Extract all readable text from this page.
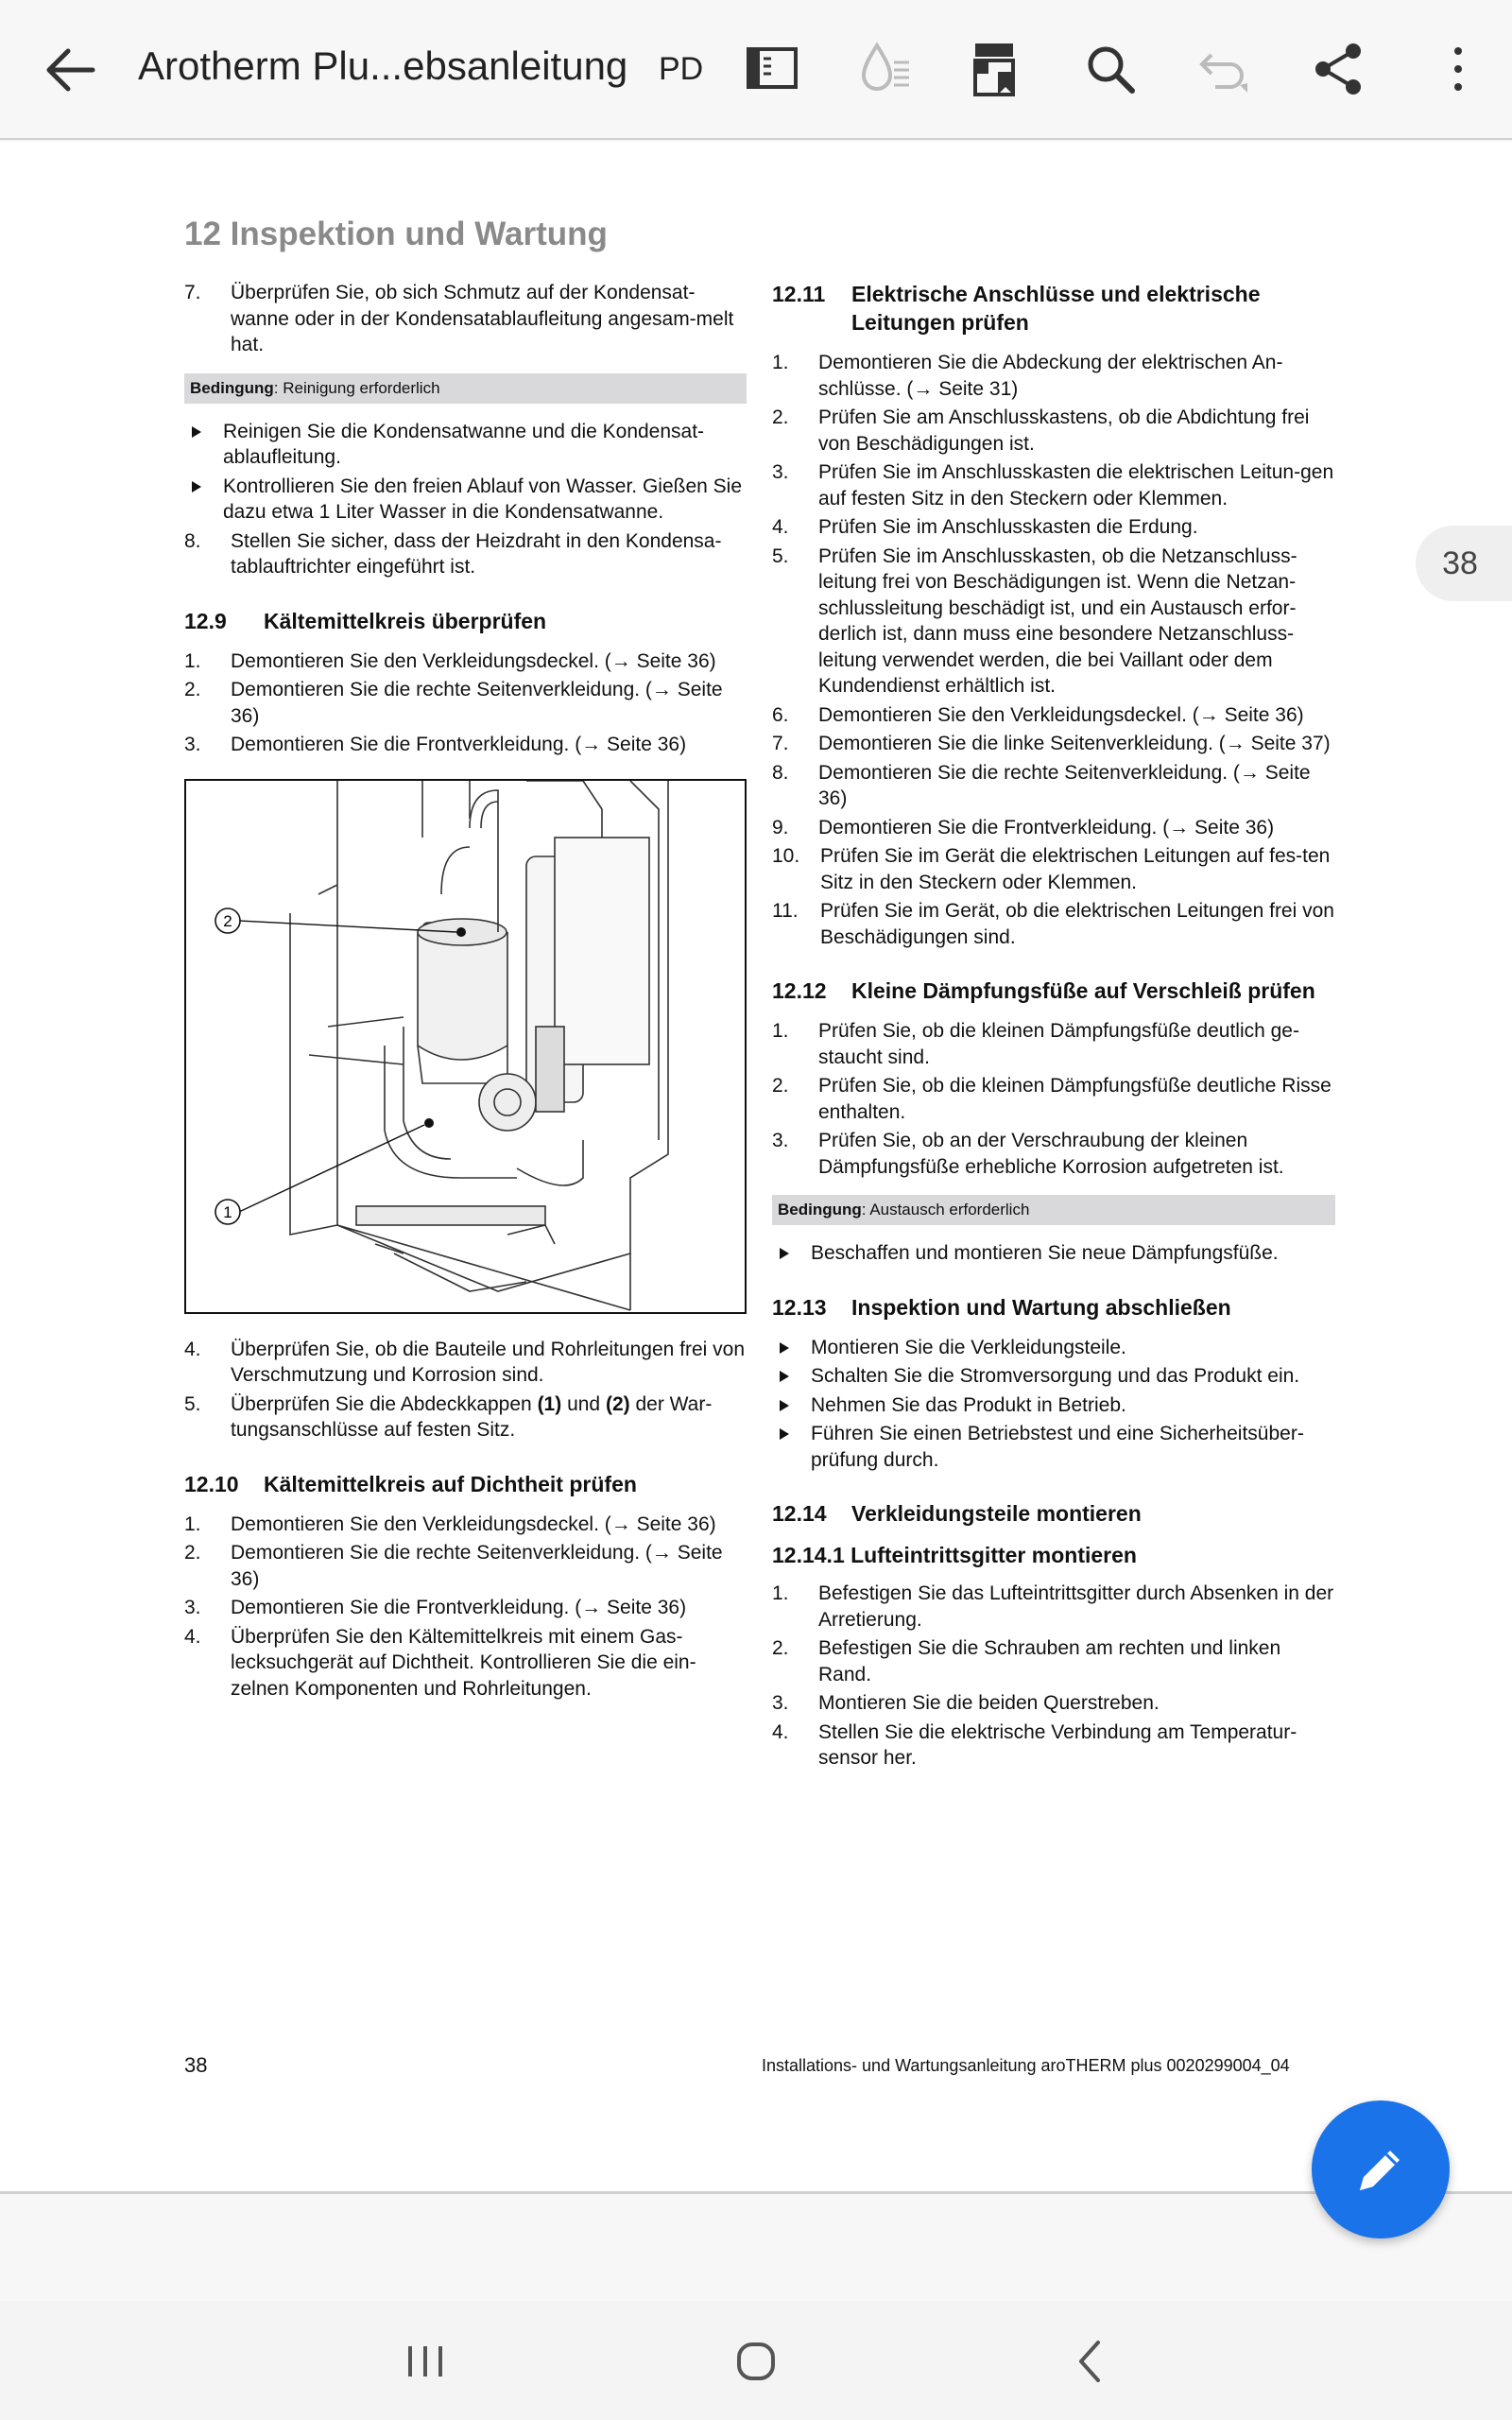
Arotherm Plu...ebsanleitung PD
12 Inspektion und Wartung
7. Überprüfen Sie, ob sich Schmutz auf der Kondensat-wanne oder in der Kondensatablaufleitung angesam-melt hat.
Bedingung: Reinigung erforderlich
Reinigen Sie die Kondensatwanne und die Kondensat-ablaufleitung.
Kontrollieren Sie den freien Ablauf von Wasser. Gießen Sie dazu etwa 1 Liter Wasser in die Kondensatwanne.
8. Stellen Sie sicher, dass der Heizdraht in den Kondensa-tablauftrichter eingeführt ist.
12.9 Kältemittelkreis überprüfen
1. Demontieren Sie den Verkleidungsdeckel. (→ Seite 36)
2. Demontieren Sie die rechte Seitenverkleidung. (→ Seite 36)
3. Demontieren Sie die Frontverkleidung. (→ Seite 36)
2
1
4. Überprüfen Sie, ob die Bauteile und Rohrleitungen frei von Verschmutzung und Korrosion sind.
5. Überprüfen Sie die Abdeckkappen (1) und (2) der War-tungsanschlüsse auf festen Sitz.
12.10 Kältemittelkreis auf Dichtheit prüfen
1. Demontieren Sie den Verkleidungsdeckel. (→ Seite 36)
2. Demontieren Sie die rechte Seitenverkleidung. (→ Seite 36)
3. Demontieren Sie die Frontverkleidung. (→ Seite 36)
4. Überprüfen Sie den Kältemittelkreis mit einem Gas-lecksuchgerät auf Dichtheit. Kontrollieren Sie die ein-zelnen Komponenten und Rohrleitungen.
12.11 Elektrische Anschlüsse und elektrische Leitungen prüfen
1. Demontieren Sie die Abdeckung der elektrischen An-schlüsse. (→ Seite 31)
2. Prüfen Sie am Anschlusskastens, ob die Abdichtung frei von Beschädigungen ist.
3. Prüfen Sie im Anschlusskasten die elektrischen Leitun-gen auf festen Sitz in den Steckern oder Klemmen.
4. Prüfen Sie im Anschlusskasten die Erdung.
5. Prüfen Sie im Anschlusskasten, ob die Netzanschluss-leitung frei von Beschädigungen ist. Wenn die Netzan-schlussleitung beschädigt ist, und ein Austausch erfor-derlich ist, dann muss eine besondere Netzanschluss-leitung verwendet werden, die bei Vaillant oder dem Kundendienst erhältlich ist.
6. Demontieren Sie den Verkleidungsdeckel. (→ Seite 36)
7. Demontieren Sie die linke Seitenverkleidung. (→ Seite 37)
8. Demontieren Sie die rechte Seitenverkleidung. (→ Seite 36)
9. Demontieren Sie die Frontverkleidung. (→ Seite 36)
10. Prüfen Sie im Gerät die elektrischen Leitungen auf fes-ten Sitz in den Steckern oder Klemmen.
11. Prüfen Sie im Gerät, ob die elektrischen Leitungen frei von Beschädigungen sind.
12.12 Kleine Dämpfungsfüße auf Verschleiß prüfen
1. Prüfen Sie, ob die kleinen Dämpfungsfüße deutlich ge-staucht sind.
2. Prüfen Sie, ob die kleinen Dämpfungsfüße deutliche Risse enthalten.
3. Prüfen Sie, ob an der Verschraubung der kleinen Dämpfungsfüße erhebliche Korrosion aufgetreten ist.
Bedingung: Austausch erforderlich
Beschaffen und montieren Sie neue Dämpfungsfüße.
12.13 Inspektion und Wartung abschließen
Montieren Sie die Verkleidungsteile.
Schalten Sie die Stromversorgung und das Produkt ein.
Nehmen Sie das Produkt in Betrieb.
Führen Sie einen Betriebstest und eine Sicherheitsüber-prüfung durch.
12.14 Verkleidungsteile montieren
12.14.1 Lufteintrittsgitter montieren
1. Befestigen Sie das Lufteintrittsgitter durch Absenken in der Arretierung.
2. Befestigen Sie die Schrauben am rechten und linken Rand.
3. Montieren Sie die beiden Querstreben.
4. Stellen Sie die elektrische Verbindung am Temperatur-sensor her.
38	Installations- und Wartungsanleitung aroTHERM plus 0020299004_04
38
